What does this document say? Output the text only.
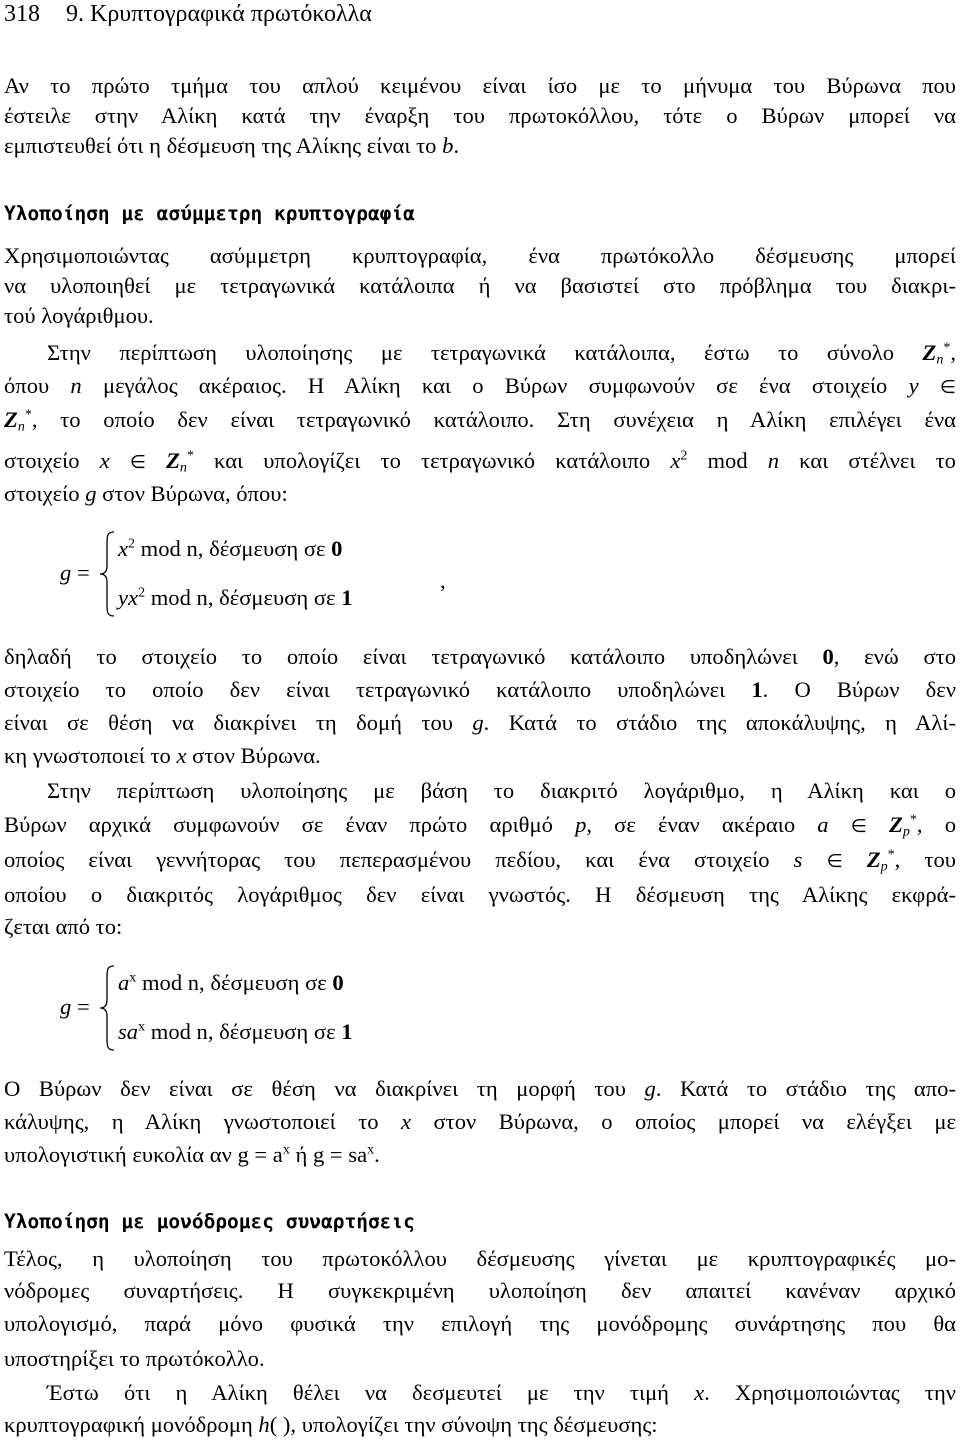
318 9. Κρυπτογραφικά πρωτόκολλα
Αν το πρώτο τμήμα του απλού κειμένου είναι ίσο με το μήνυμα του Βύρωνα που
έστειλε στην Αλίκη κατά την έναρξη του πρωτοκόλλου, τότε ο Βύρων μπορεί να
εμπιστευθεί ότι η δέσμευση της Αλίκης είναι το b.
Υλοποίηση με ασύμμετρη κρυπτογραφία
Χρησιμοποιώντας ασύμμετρη κρυπτογραφία, ένα πρωτόκολλο δέσμευσης μπορεί
να υλοποιηθεί με τετραγωνικά κατάλοιπα ή να βασιστεί στο πρόβλημα του διακρι-
τού λογάριθμου.
Στην περίπτωση υλοποίησης με τετραγωνικά κατάλοιπα, έστω το σύνολο $Z_n^*$,
όπου n μεγάλος ακέραιος. Η Αλίκη και ο Βύρων συμφωνούν σε ένα στοιχείο y ∈
$Z_n^*$, το οποίο δεν είναι τετραγωνικό κατάλοιπο. Στη συνέχεια η Αλίκη επιλέγει ένα
στοιχείο x ∈ $Z_n^*$ και υπολογίζει το τετραγωνικό κατάλοιπο $x^2$ mod n και στέλνει το
στοιχείο g στον Βύρωνα, όπου:
g =
$x^2$ mod n, δέσμευση σε 0
$yx^2$ mod n, δέσμευση σε 1
,
δηλαδή το στοιχείο το οποίο είναι τετραγωνικό κατάλοιπο υποδηλώνει 0, ενώ στο
στοιχείο το οποίο δεν είναι τετραγωνικό κατάλοιπο υποδηλώνει 1. Ο Βύρων δεν
είναι σε θέση να διακρίνει τη δομή του g. Κατά το στάδιο της αποκάλυψης, η Αλί-
κη γνωστοποιεί το x στον Βύρωνα.
Στην περίπτωση υλοποίησης με βάση το διακριτό λογάριθμο, η Αλίκη και ο
Βύρων αρχικά συμφωνούν σε έναν πρώτο αριθμό p, σε έναν ακέραιο a ∈ $Z_p^*$, ο
οποίος είναι γεννήτορας του πεπερασμένου πεδίου, και ένα στοιχείο s ∈ $Z_p^*$, του
οποίου ο διακριτός λογάριθμος δεν είναι γνωστός. Η δέσμευση της Αλίκης εκφρά-
ζεται από το:
g =
$a^x$ mod n, δέσμευση σε 0
$sa^x$ mod n, δέσμευση σε 1
Ο Βύρων δεν είναι σε θέση να διακρίνει τη μορφή του g. Κατά το στάδιο της απο-
κάλυψης, η Αλίκη γνωστοποιεί το x στον Βύρωνα, ο οποίος μπορεί να ελέγξει με
υπολογιστική ευκολία αν $g = a^x$ ή $g = sa^x$.
Υλοποίηση με μονόδρομες συναρτήσεις
Τέλος, η υλοποίηση του πρωτοκόλλου δέσμευσης γίνεται με κρυπτογραφικές μο-
νόδρομες συναρτήσεις. Η συγκεκριμένη υλοποίηση δεν απαιτεί κανέναν αρχικό
υπολογισμό, παρά μόνο φυσικά την επιλογή της μονόδρομης συνάρτησης που θα
υποστηρίξει το πρωτόκολλο.
Έστω ότι η Αλίκη θέλει να δεσμευτεί με την τιμή x. Χρησιμοποιώντας την
κρυπτογραφική μονόδρομη h( ), υπολογίζει την σύνοψη της δέσμευσης:
